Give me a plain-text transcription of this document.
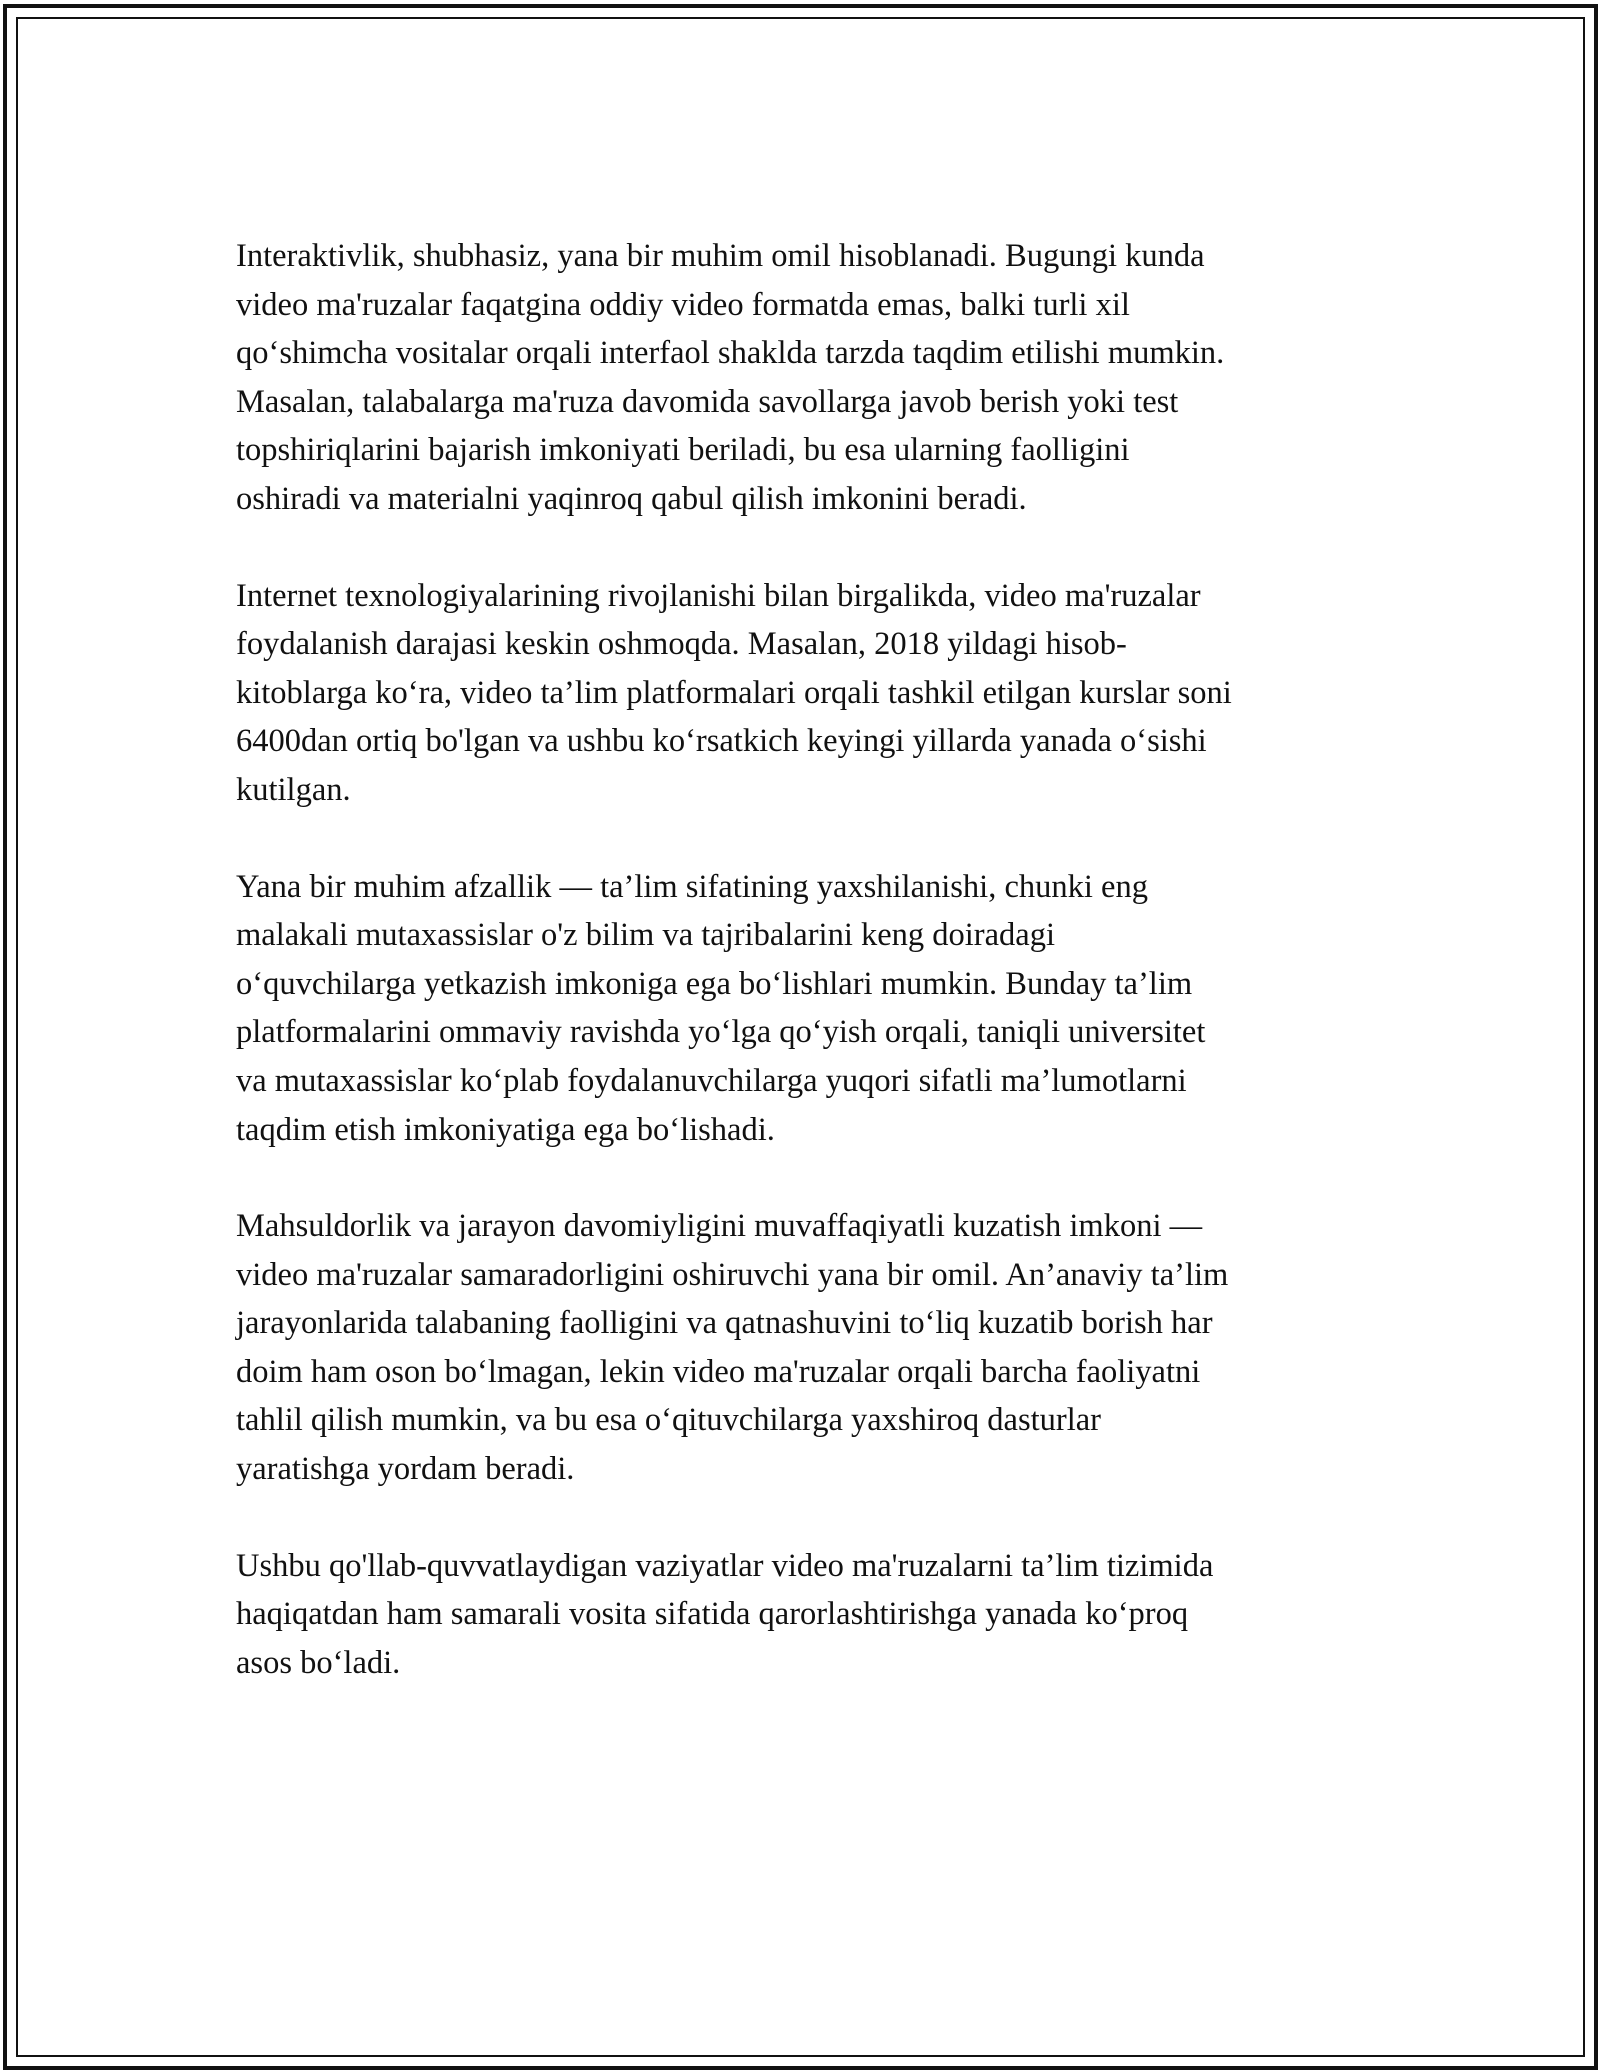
Interaktivlik, shubhasiz, yana bir muhim omil hisoblanadi. Bugungi kunda
video ma'ruzalar faqatgina oddiy video formatda emas, balki turli xil
qo‘shimcha vositalar orqali interfaol shaklda tarzda taqdim etilishi mumkin.
Masalan, talabalarga ma'ruza davomida savollarga javob berish yoki test
topshiriqlarini bajarish imkoniyati beriladi, bu esa ularning faolligini
oshiradi va materialni yaqinroq qabul qilish imkonini beradi.

Internet texnologiyalarining rivojlanishi bilan birgalikda, video ma'ruzalar
foydalanish darajasi keskin oshmoqda. Masalan, 2018 yildagi hisob-
kitoblarga ko‘ra, video ta’lim platformalari orqali tashkil etilgan kurslar soni
6400dan ortiq bo'lgan va ushbu ko‘rsatkich keyingi yillarda yanada o‘sishi
kutilgan.

Yana bir muhim afzallik — ta’lim sifatining yaxshilanishi, chunki eng
malakali mutaxassislar o'z bilim va tajribalarini keng doiradagi
o‘quvchilarga yetkazish imkoniga ega bo‘lishlari mumkin. Bunday ta’lim
platformalarini ommaviy ravishda yo‘lga qo‘yish orqali, taniqli universitet
va mutaxassislar ko‘plab foydalanuvchilarga yuqori sifatli ma’lumotlarni
taqdim etish imkoniyatiga ega bo‘lishadi.

Mahsuldorlik va jarayon davomiyligini muvaffaqiyatli kuzatish imkoni —
video ma'ruzalar samaradorligini oshiruvchi yana bir omil. An’anaviy ta’lim
jarayonlarida talabaning faolligini va qatnashuvini to‘liq kuzatib borish har
doim ham oson bo‘lmagan, lekin video ma'ruzalar orqali barcha faoliyatni
tahlil qilish mumkin, va bu esa o‘qituvchilarga yaxshiroq dasturlar
yaratishga yordam beradi.

Ushbu qo'llab-quvvatlaydigan vaziyatlar video ma'ruzalarni ta’lim tizimida
haqiqatdan ham samarali vosita sifatida qarorlashtirishga yanada ko‘proq
asos bo‘ladi.
